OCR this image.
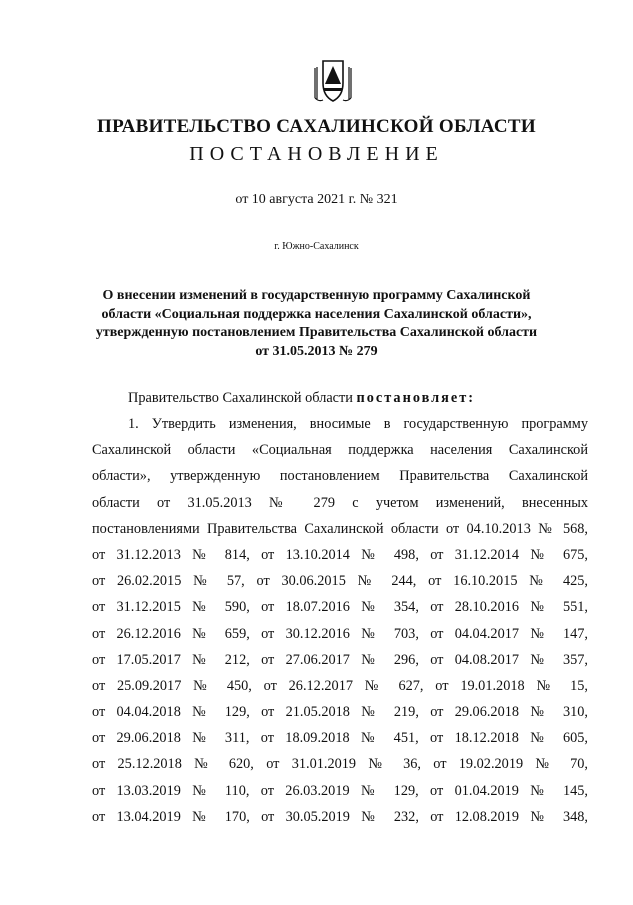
ПРАВИТЕЛЬСТВО САХАЛИНСКОЙ ОБЛАСТИ
ПОСТАНОВЛЕНИЕ
от 10 августа 2021 г. № 321
г. Южно-Сахалинск
О внесении изменений в государственную программу Сахалинской
области «Социальная поддержка населения Сахалинской области»,
утвержденную постановлением Правительства Сахалинской области
от 31.05.2013 № 279
Правительство Сахалинской области постановляет:
1. Утвердить изменения, вносимые в государственную программу
Сахалинской области «Социальная поддержка населения Сахалинской
области», утвержденную постановлением Правительства Сахалинской
области от 31.05.2013 № 279 с учетом изменений, внесенных
постановлениями Правительства Сахалинской области от 04.10.2013 № 568,
от 31.12.2013 № 814, от 13.10.2014 № 498, от 31.12.2014 № 675,
от 26.02.2015 № 57, от 30.06.2015 № 244, от 16.10.2015 № 425,
от 31.12.2015 № 590, от 18.07.2016 № 354, от 28.10.2016 № 551,
от 26.12.2016 № 659, от 30.12.2016 № 703, от 04.04.2017 № 147,
от 17.05.2017 № 212, от 27.06.2017 № 296, от 04.08.2017 № 357,
от 25.09.2017 № 450, от 26.12.2017 № 627, от 19.01.2018 № 15,
от 04.04.2018 № 129, от 21.05.2018 № 219, от 29.06.2018 № 310,
от 29.06.2018 № 311, от 18.09.2018 № 451, от 18.12.2018 № 605,
от 25.12.2018 № 620, от 31.01.2019 № 36, от 19.02.2019 № 70,
от 13.03.2019 № 110, от 26.03.2019 № 129, от 01.04.2019 № 145,
от 13.04.2019 № 170, от 30.05.2019 № 232, от 12.08.2019 № 348,
